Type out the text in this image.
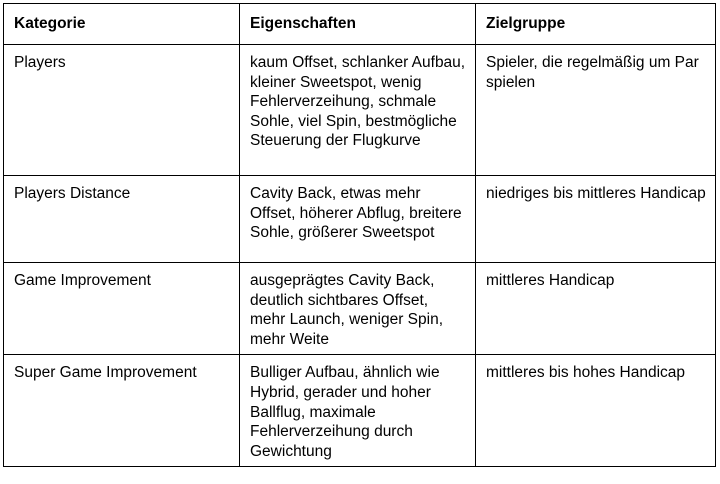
Kategorie	Eigenschaften	Zielgruppe
Players	kaum Offset, schlanker Aufbau, kleiner Sweetspot, wenig Fehlerverzeihung, schmale Sohle, viel Spin, bestmögliche Steuerung der Flugkurve	Spieler, die regelmäßig um Par spielen
Players Distance	Cavity Back, etwas mehr Offset, höherer Abflug, breitere Sohle, größerer Sweetspot	niedriges bis mittleres Handicap
Game Improvement	ausgeprägtes Cavity Back, deutlich sichtbares Offset, mehr Launch, weniger Spin, mehr Weite	mittleres Handicap
Super Game Improvement	Bulliger Aufbau, ähnlich wie Hybrid, gerader und hoher Ballflug, maximale Fehlerverzeihung durch Gewichtung	mittleres bis hohes Handicap
